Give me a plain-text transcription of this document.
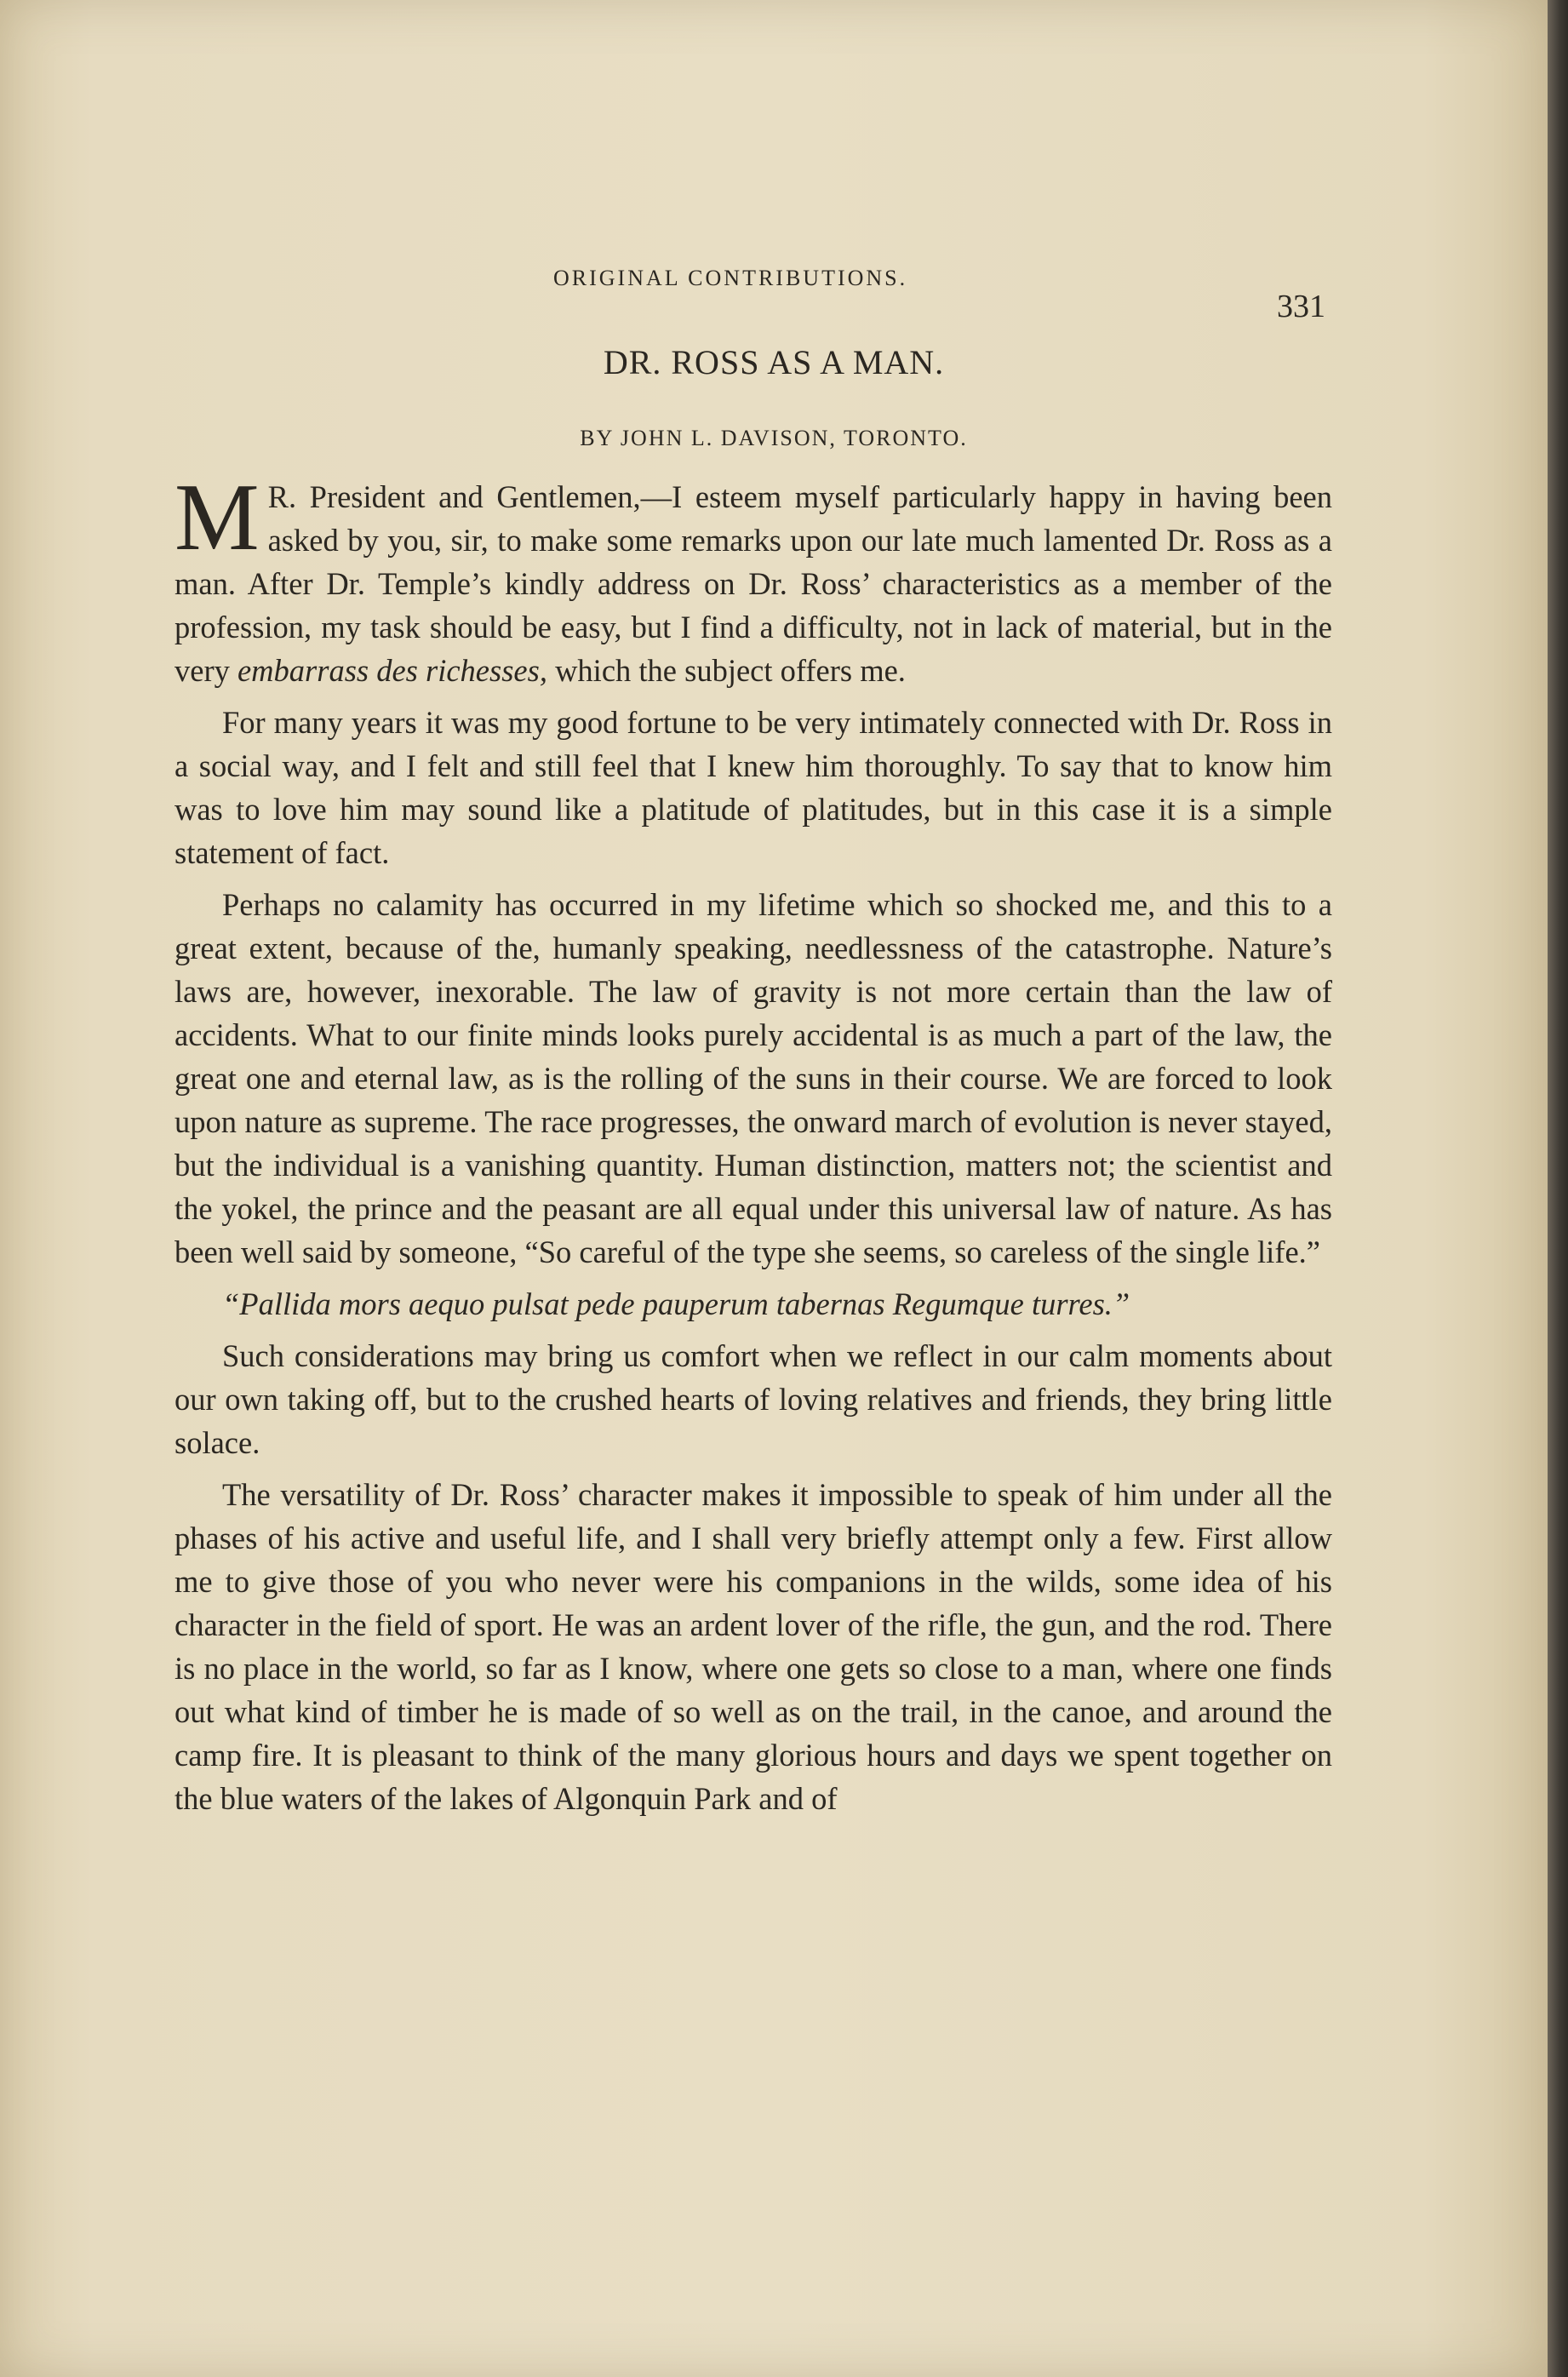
ORIGINAL CONTRIBUTIONS.
331
DR. ROSS AS A MAN.
BY JOHN L. DAVISON, TORONTO.

M R. President and Gentlemen,—I esteem myself particularly happy in having been asked by you, sir, to make some remarks upon our late much lamented Dr. Ross as a man. After Dr. Temple’s kindly address on Dr. Ross’ characteristics as a member of the profession, my task should be easy, but I find a difficulty, not in lack of material, but in the very embarrass des richesses, which the subject offers me.

For many years it was my good fortune to be very intimately connected with Dr. Ross in a social way, and I felt and still feel that I knew him thoroughly. To say that to know him was to love him may sound like a platitude of platitudes, but in this case it is a simple statement of fact.

Perhaps no calamity has occurred in my lifetime which so shocked me, and this to a great extent, because of the, humanly speaking, needlessness of the catastrophe. Nature’s laws are, however, inexorable. The law of gravity is not more certain than the law of accidents. What to our finite minds looks purely accidental is as much a part of the law, the great one and eternal law, as is the rolling of the suns in their course. We are forced to look upon nature as supreme. The race progresses, the onward march of evolution is never stayed, but the individual is a vanishing quantity. Human distinction, matters not; the scientist and the yokel, the prince and the peasant are all equal under this universal law of nature. As has been well said by someone, “So careful of the type she seems, so careless of the single life.”

“Pallida mors aequo pulsat pede pauperum tabernas Regumque turres.”

Such considerations may bring us comfort when we reflect in our calm moments about our own taking off, but to the crushed hearts of loving relatives and friends, they bring little solace.

The versatility of Dr. Ross’ character makes it impossible to speak of him under all the phases of his active and useful life, and I shall very briefly attempt only a few. First allow me to give those of you who never were his companions in the wilds, some idea of his character in the field of sport. He was an ardent lover of the rifle, the gun, and the rod. There is no place in the world, so far as I know, where one gets so close to a man, where one finds out what kind of timber he is made of so well as on the trail, in the canoe, and around the camp fire. It is pleasant to think of the many glorious hours and days we spent together on the blue waters of the lakes of Algonquin Park and of
